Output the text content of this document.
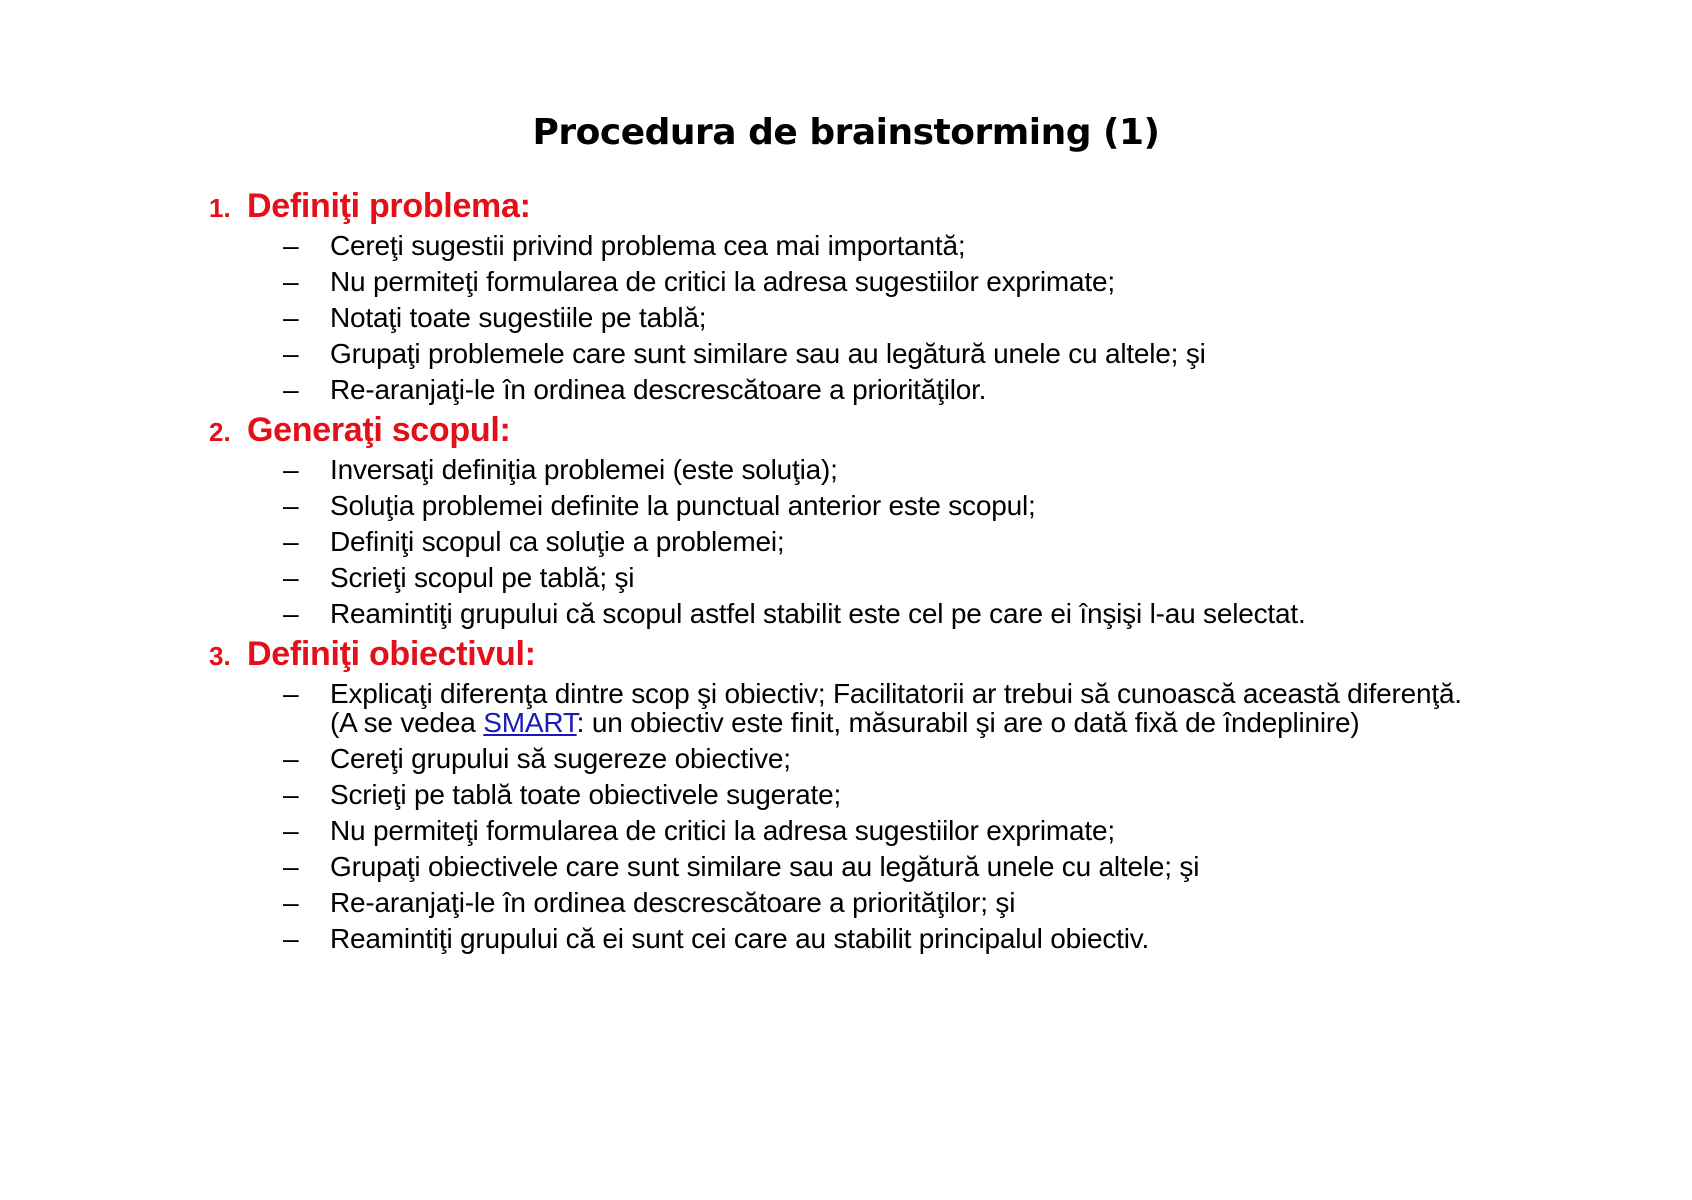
Procedura de brainstorming (1)
1. Definiţi problema:
–	Cereţi sugestii privind problema cea mai importantă;
–	Nu permiteţi formularea de critici la adresa sugestiilor exprimate;
–	Notaţi toate sugestiile pe tablă;
–	Grupaţi problemele care sunt similare sau au legătură unele cu altele; şi
–	Re-aranjaţi-le în ordinea descrescătoare a priorităţilor.
2. Generaţi scopul:
–	Inversaţi definiţia problemei (este soluţia);
–	Soluţia problemei definite la punctual anterior este scopul;
–	Definiţi scopul ca soluţie a problemei;
–	Scrieţi scopul pe tablă; şi
–	Reamintiţi grupului că scopul astfel stabilit este cel pe care ei înşişi l-au selectat.
3. Definiţi obiectivul:
–	Explicaţi diferenţa dintre scop şi obiectiv; Facilitatorii ar trebui să cunoască această diferenţă. (A se vedea SMART: un obiectiv este finit, măsurabil şi are o dată fixă de îndeplinire)
–	Cereţi grupului să sugereze obiective;
–	Scrieţi pe tablă toate obiectivele sugerate;
–	Nu permiteţi formularea de critici la adresa sugestiilor exprimate;
–	Grupaţi obiectivele care sunt similare sau au legătură unele cu altele; şi
–	Re-aranjaţi-le în ordinea descrescătoare a priorităţilor; şi
–	Reamintiţi grupului că ei sunt cei care au stabilit principalul obiectiv.
